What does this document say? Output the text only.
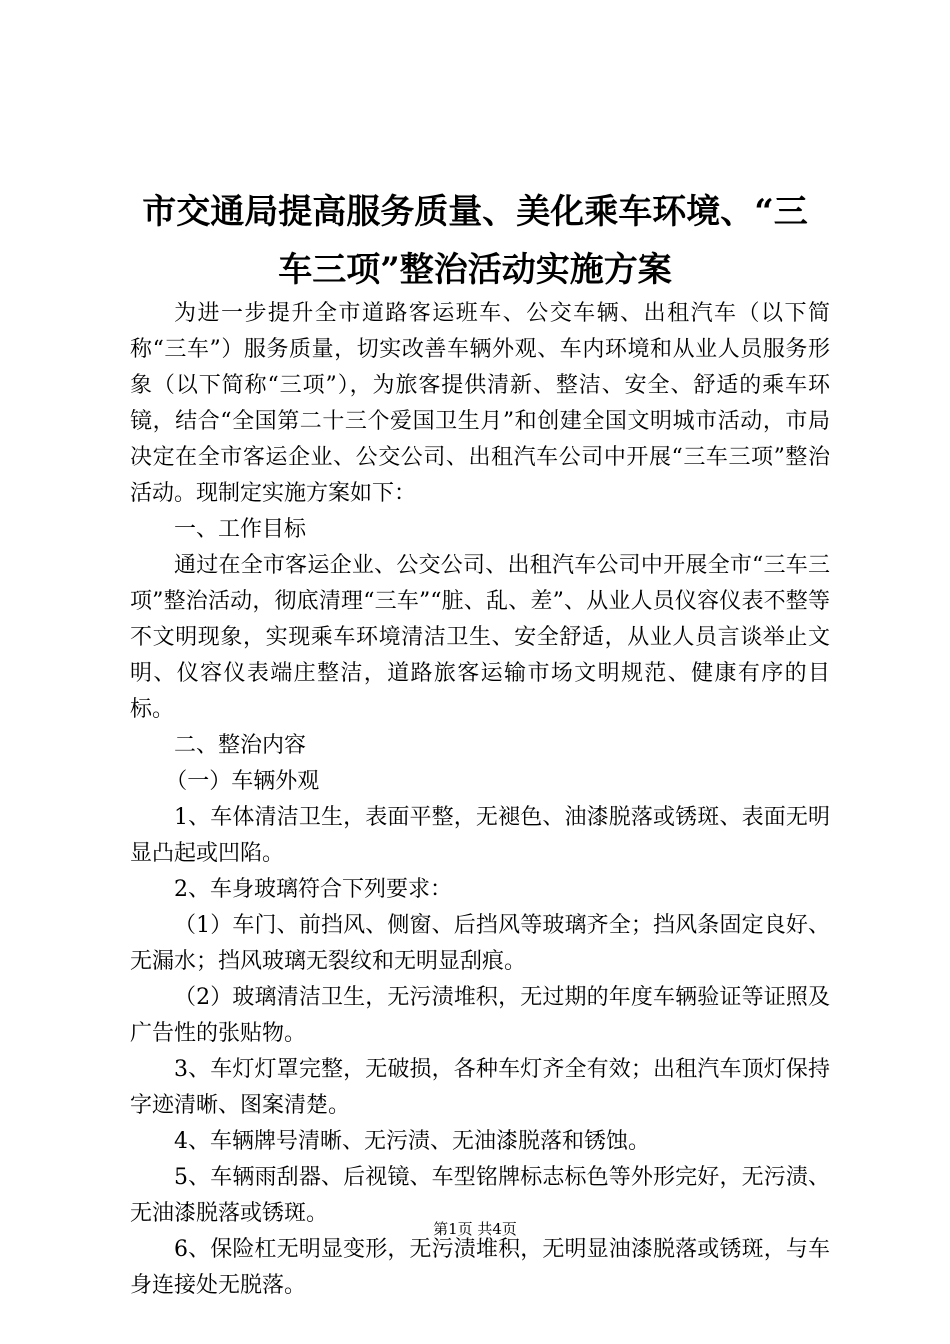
市交通局提高服务质量、美化乘车环境、“三
车三项”整治活动实施方案

为进一步提升全市道路客运班车、公交车辆、出租汽车（以下简称“三车”）服务质量，切实改善车辆外观、车内环境和从业人员服务形象（以下简称“三项”），为旅客提供清新、整洁、安全、舒适的乘车环镜，结合“全国第二十三个爱国卫生月”和创建全国文明城市活动，市局决定在全市客运企业、公交公司、出租汽车公司中开展“三车三项”整治活动。现制定实施方案如下：

一、工作目标

通过在全市客运企业、公交公司、出租汽车公司中开展全市“三车三项”整治活动，彻底清理“三车”“脏、乱、差”、从业人员仪容仪表不整等不文明现象，实现乘车环境清洁卫生、安全舒适，从业人员言谈举止文明、仪容仪表端庄整洁，道路旅客运输市场文明规范、健康有序的目标。

二、整治内容

（一）车辆外观

1、车体清洁卫生，表面平整，无褪色、油漆脱落或锈斑、表面无明显凸起或凹陷。

2、车身玻璃符合下列要求：

（1）车门、前挡风、侧窗、后挡风等玻璃齐全；挡风条固定良好、无漏水；挡风玻璃无裂纹和无明显刮痕。

（2）玻璃清洁卫生，无污渍堆积，无过期的年度车辆验证等证照及广告性的张贴物。

3、车灯灯罩完整，无破损，各种车灯齐全有效；出租汽车顶灯保持字迹清晰、图案清楚。

4、车辆牌号清晰、无污渍、无油漆脱落和锈蚀。

5、车辆雨刮器、后视镜、车型铭牌标志标色等外形完好，无污渍、无油漆脱落或锈斑。

6、保险杠无明显变形，无污渍堆积，无明显油漆脱落或锈斑，与车身连接处无脱落。

第1页 共4页
